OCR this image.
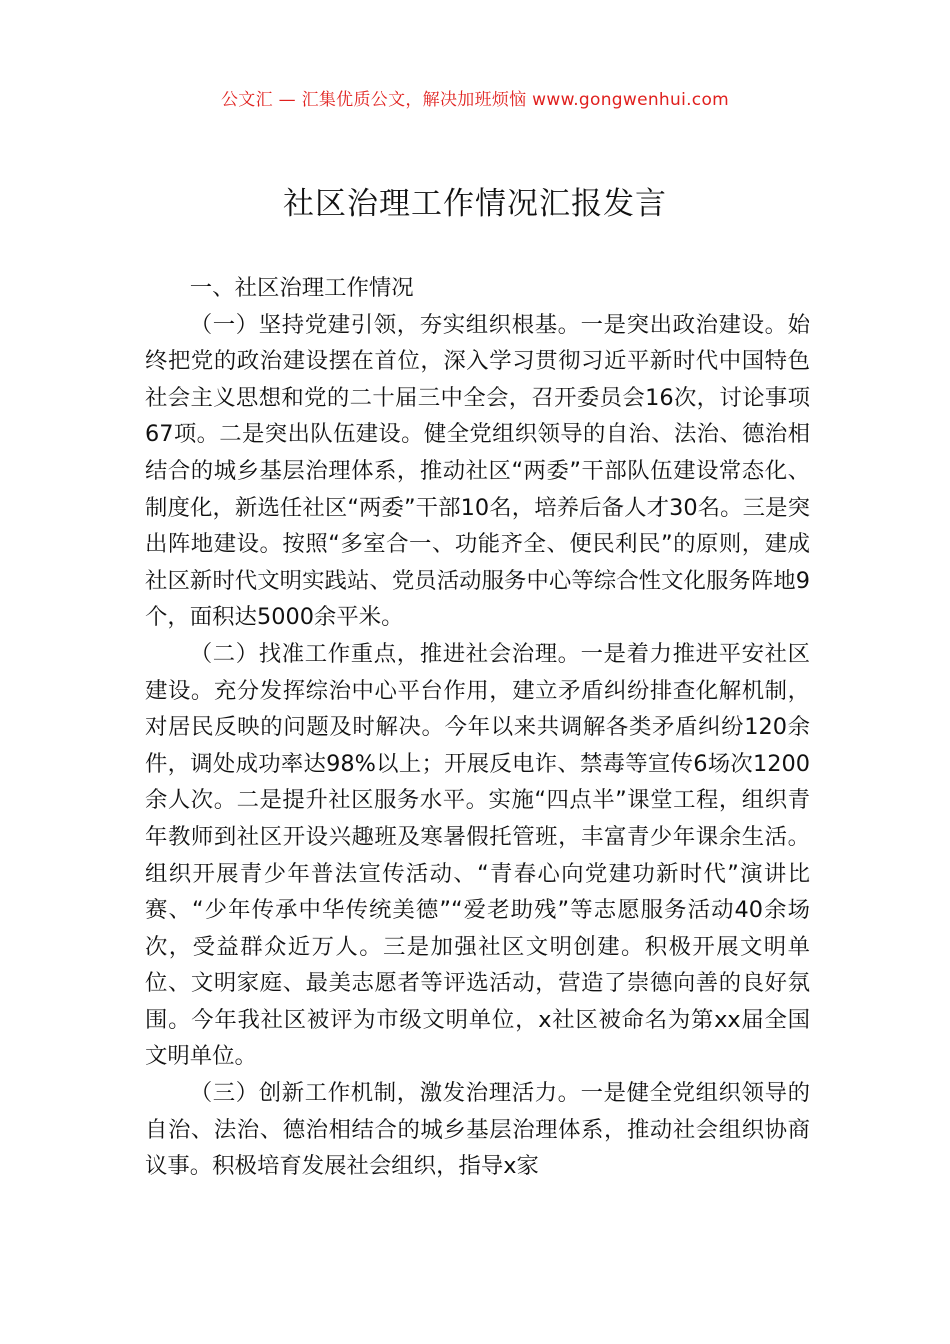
公文汇 — 汇集优质公文，解决加班烦恼 www.gongwenhui.com
社区治理工作情况汇报发言

一、社区治理工作情况

（一）坚持党建引领，夯实组织根基。一是突出政治建设。始终把党的政治建设摆在首位，深入学习贯彻习近平新时代中国特色社会主义思想和党的二十届三中全会，召开委员会16次，讨论事项67项。二是突出队伍建设。健全党组织领导的自治、法治、德治相结合的城乡基层治理体系，推动社区“两委”干部队伍建设常态化、制度化，新选任社区“两委”干部10名，培养后备人才30名。三是突出阵地建设。按照“多室合一、功能齐全、便民利民”的原则，建成社区新时代文明实践站、党员活动服务中心等综合性文化服务阵地9个，面积达5000余平米。

（二）找准工作重点，推进社会治理。一是着力推进平安社区建设。充分发挥综治中心平台作用，建立矛盾纠纷排查化解机制，对居民反映的问题及时解决。今年以来共调解各类矛盾纠纷120余件，调处成功率达98%以上；开展反电诈、禁毒等宣传6场次1200余人次。二是提升社区服务水平。实施“四点半”课堂工程，组织青年教师到社区开设兴趣班及寒暑假托管班，丰富青少年课余生活。组织开展青少年普法宣传活动、“青春心向党建功新时代”演讲比赛、“少年传承中华传统美德”“爱老助残”等志愿服务活动40余场次，受益群众近万人。三是加强社区文明创建。积极开展文明单位、文明家庭、最美志愿者等评选活动，营造了崇德向善的良好氛围。今年我社区被评为市级文明单位，x社区被命名为第xx届全国文明单位。

（三）创新工作机制，激发治理活力。一是健全党组织领导的自治、法治、德治相结合的城乡基层治理体系，推动社会组织协商议事。积极培育发展社会组织，指导x家
